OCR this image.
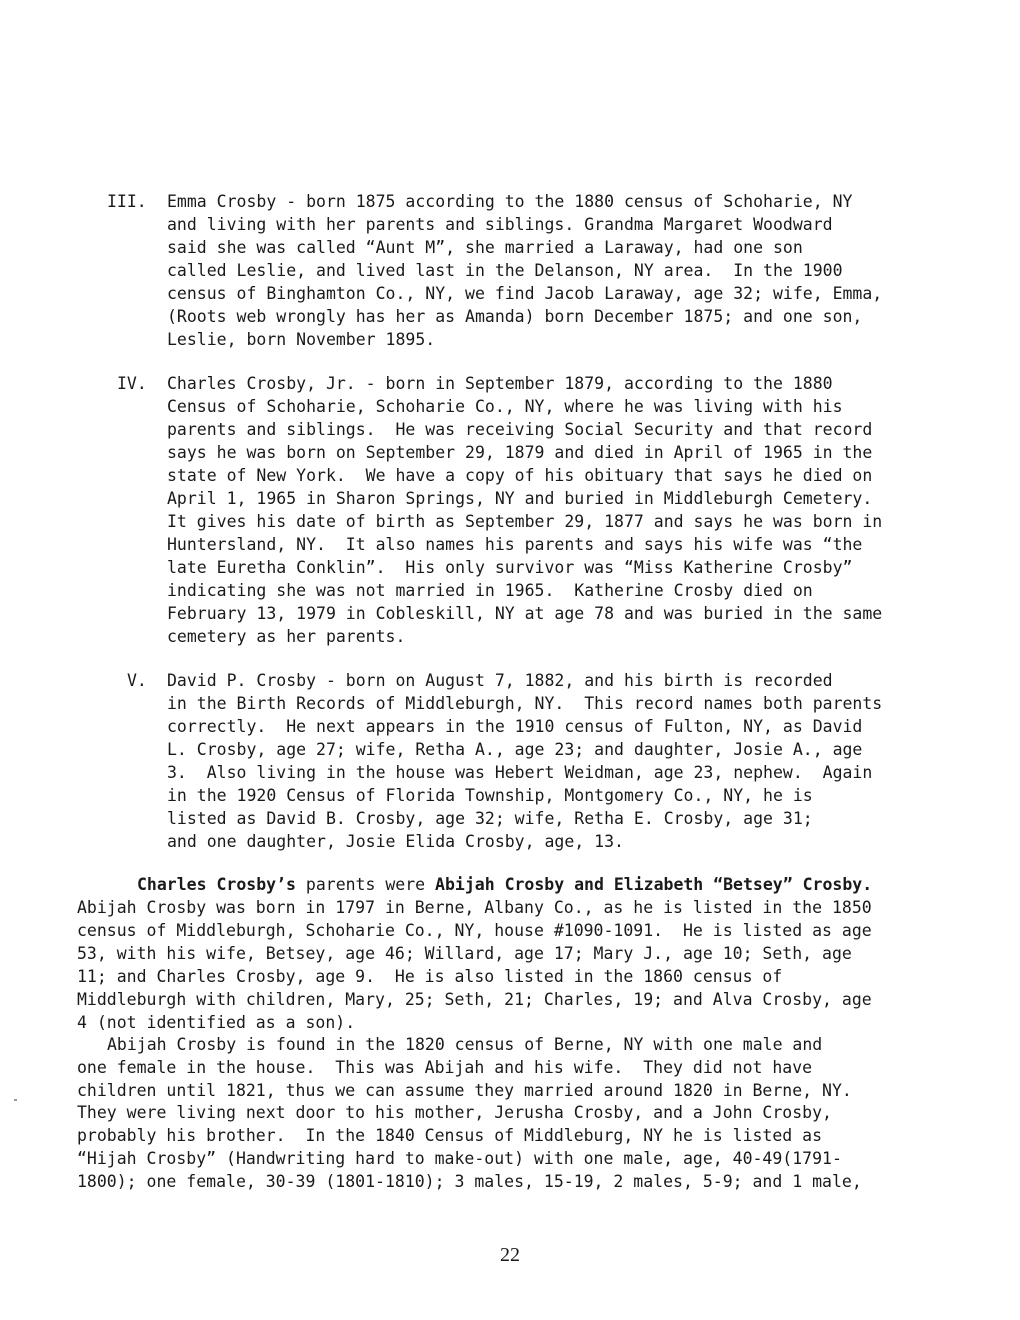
III. Emma Crosby - born 1875 according to the 1880 census of Schoharie, NY
and living with her parents and siblings. Grandma Margaret Woodward
said she was called “Aunt M”, she married a Laraway, had one son
called Leslie, and lived last in the Delanson, NY area.  In the 1900
census of Binghamton Co., NY, we find Jacob Laraway, age 32; wife, Emma,
(Roots web wrongly has her as Amanda) born December 1875; and one son,
Leslie, born November 1895.
IV. Charles Crosby, Jr. - born in September 1879, according to the 1880
Census of Schoharie, Schoharie Co., NY, where he was living with his
parents and siblings.  He was receiving Social Security and that record
says he was born on September 29, 1879 and died in April of 1965 in the
state of New York.  We have a copy of his obituary that says he died on
April 1, 1965 in Sharon Springs, NY and buried in Middleburgh Cemetery.
It gives his date of birth as September 29, 1877 and says he was born in
Huntersland, NY.  It also names his parents and says his wife was “the
late Euretha Conklin”.  His only survivor was “Miss Katherine Crosby”
indicating she was not married in 1965.  Katherine Crosby died on
February 13, 1979 in Cobleskill, NY at age 78 and was buried in the same
cemetery as her parents.
V. David P. Crosby - born on August 7, 1882, and his birth is recorded
in the Birth Records of Middleburgh, NY.  This record names both parents
correctly.  He next appears in the 1910 census of Fulton, NY, as David
L. Crosby, age 27; wife, Retha A., age 23; and daughter, Josie A., age
3.  Also living in the house was Hebert Weidman, age 23, nephew.  Again
in the 1920 Census of Florida Township, Montgomery Co., NY, he is
listed as David B. Crosby, age 32; wife, Retha E. Crosby, age 31;
and one daughter, Josie Elida Crosby, age, 13.
Charles Crosby’s parents were Abijah Crosby and Elizabeth “Betsey” Crosby.
Abijah Crosby was born in 1797 in Berne, Albany Co., as he is listed in the 1850
census of Middleburgh, Schoharie Co., NY, house #1090-1091.  He is listed as age
53, with his wife, Betsey, age 46; Willard, age 17; Mary J., age 10; Seth, age
11; and Charles Crosby, age 9.  He is also listed in the 1860 census of
Middleburgh with children, Mary, 25; Seth, 21; Charles, 19; and Alva Crosby, age
4 (not identified as a son).
Abijah Crosby is found in the 1820 census of Berne, NY with one male and
one female in the house.  This was Abijah and his wife.  They did not have
children until 1821, thus we can assume they married around 1820 in Berne, NY.
They were living next door to his mother, Jerusha Crosby, and a John Crosby,
probably his brother.  In the 1840 Census of Middleburg, NY he is listed as
“Hijah Crosby” (Handwriting hard to make-out) with one male, age, 40-49(1791-
1800); one female, 30-39 (1801-1810); 3 males, 15-19, 2 males, 5-9; and 1 male,
22
